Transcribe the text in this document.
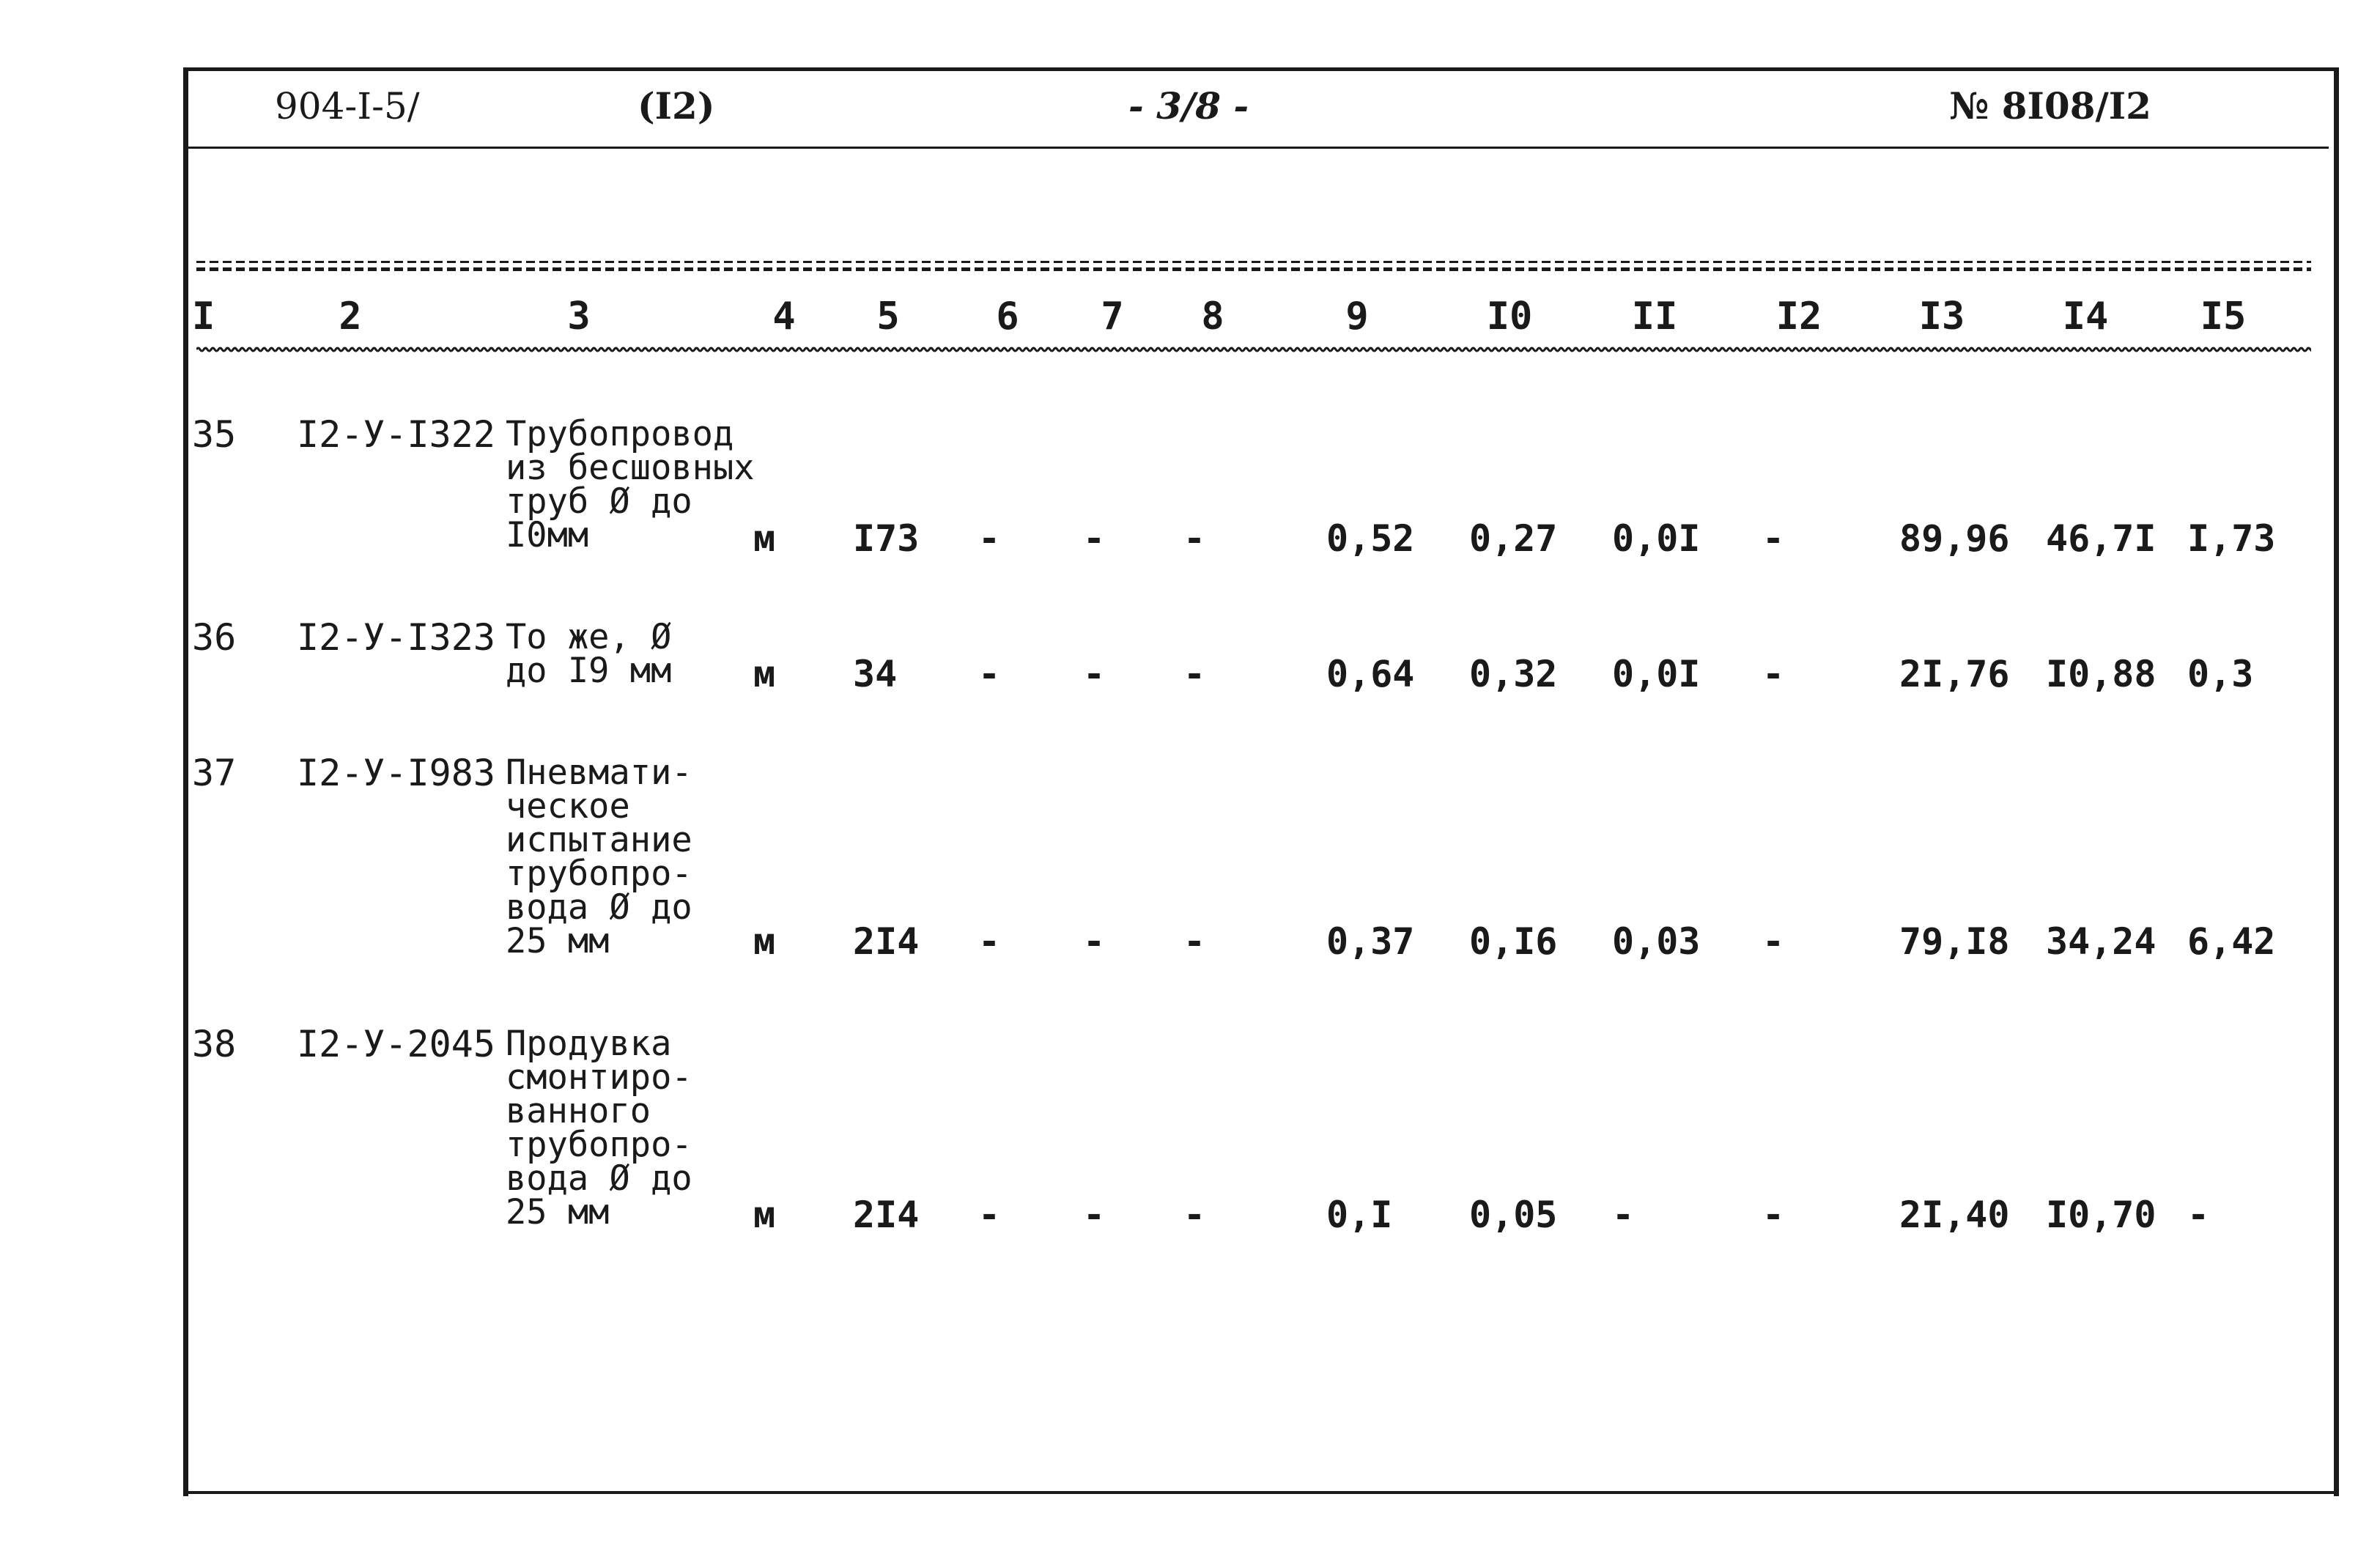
904-I-5/	(I2)	- 3/8 -	№ 8I08/I2
I	2	3	4 5	6 7 8	9	I0	II	I2	I3	I4 I5
35 I2-У-I322 Трубопровод
из бесшовных
труб Ø до
I0мм	м I73 - - -	0,52 0,27 0,0I -	89,96 46,7I I,73
36 I2-У-I323 То же, Ø
до I9 мм м 34 - - -	0,64 0,32 0,0I -	2I,76 I0,88 0,3
37 I2-У-I983 Пневмати-
ческое
испытание
трубопро-
вода Ø до
25 мм	м 2I4 - - -	0,37 0,I6 0,03 -	79,I8 34,24 6,42
38 I2-У-2045 Продувка
смонтиро-
ванного
трубопро-
вода Ø до
25 мм	м 2I4 - - -	0,I 0,05 -	-	2I,40 I0,70 -
